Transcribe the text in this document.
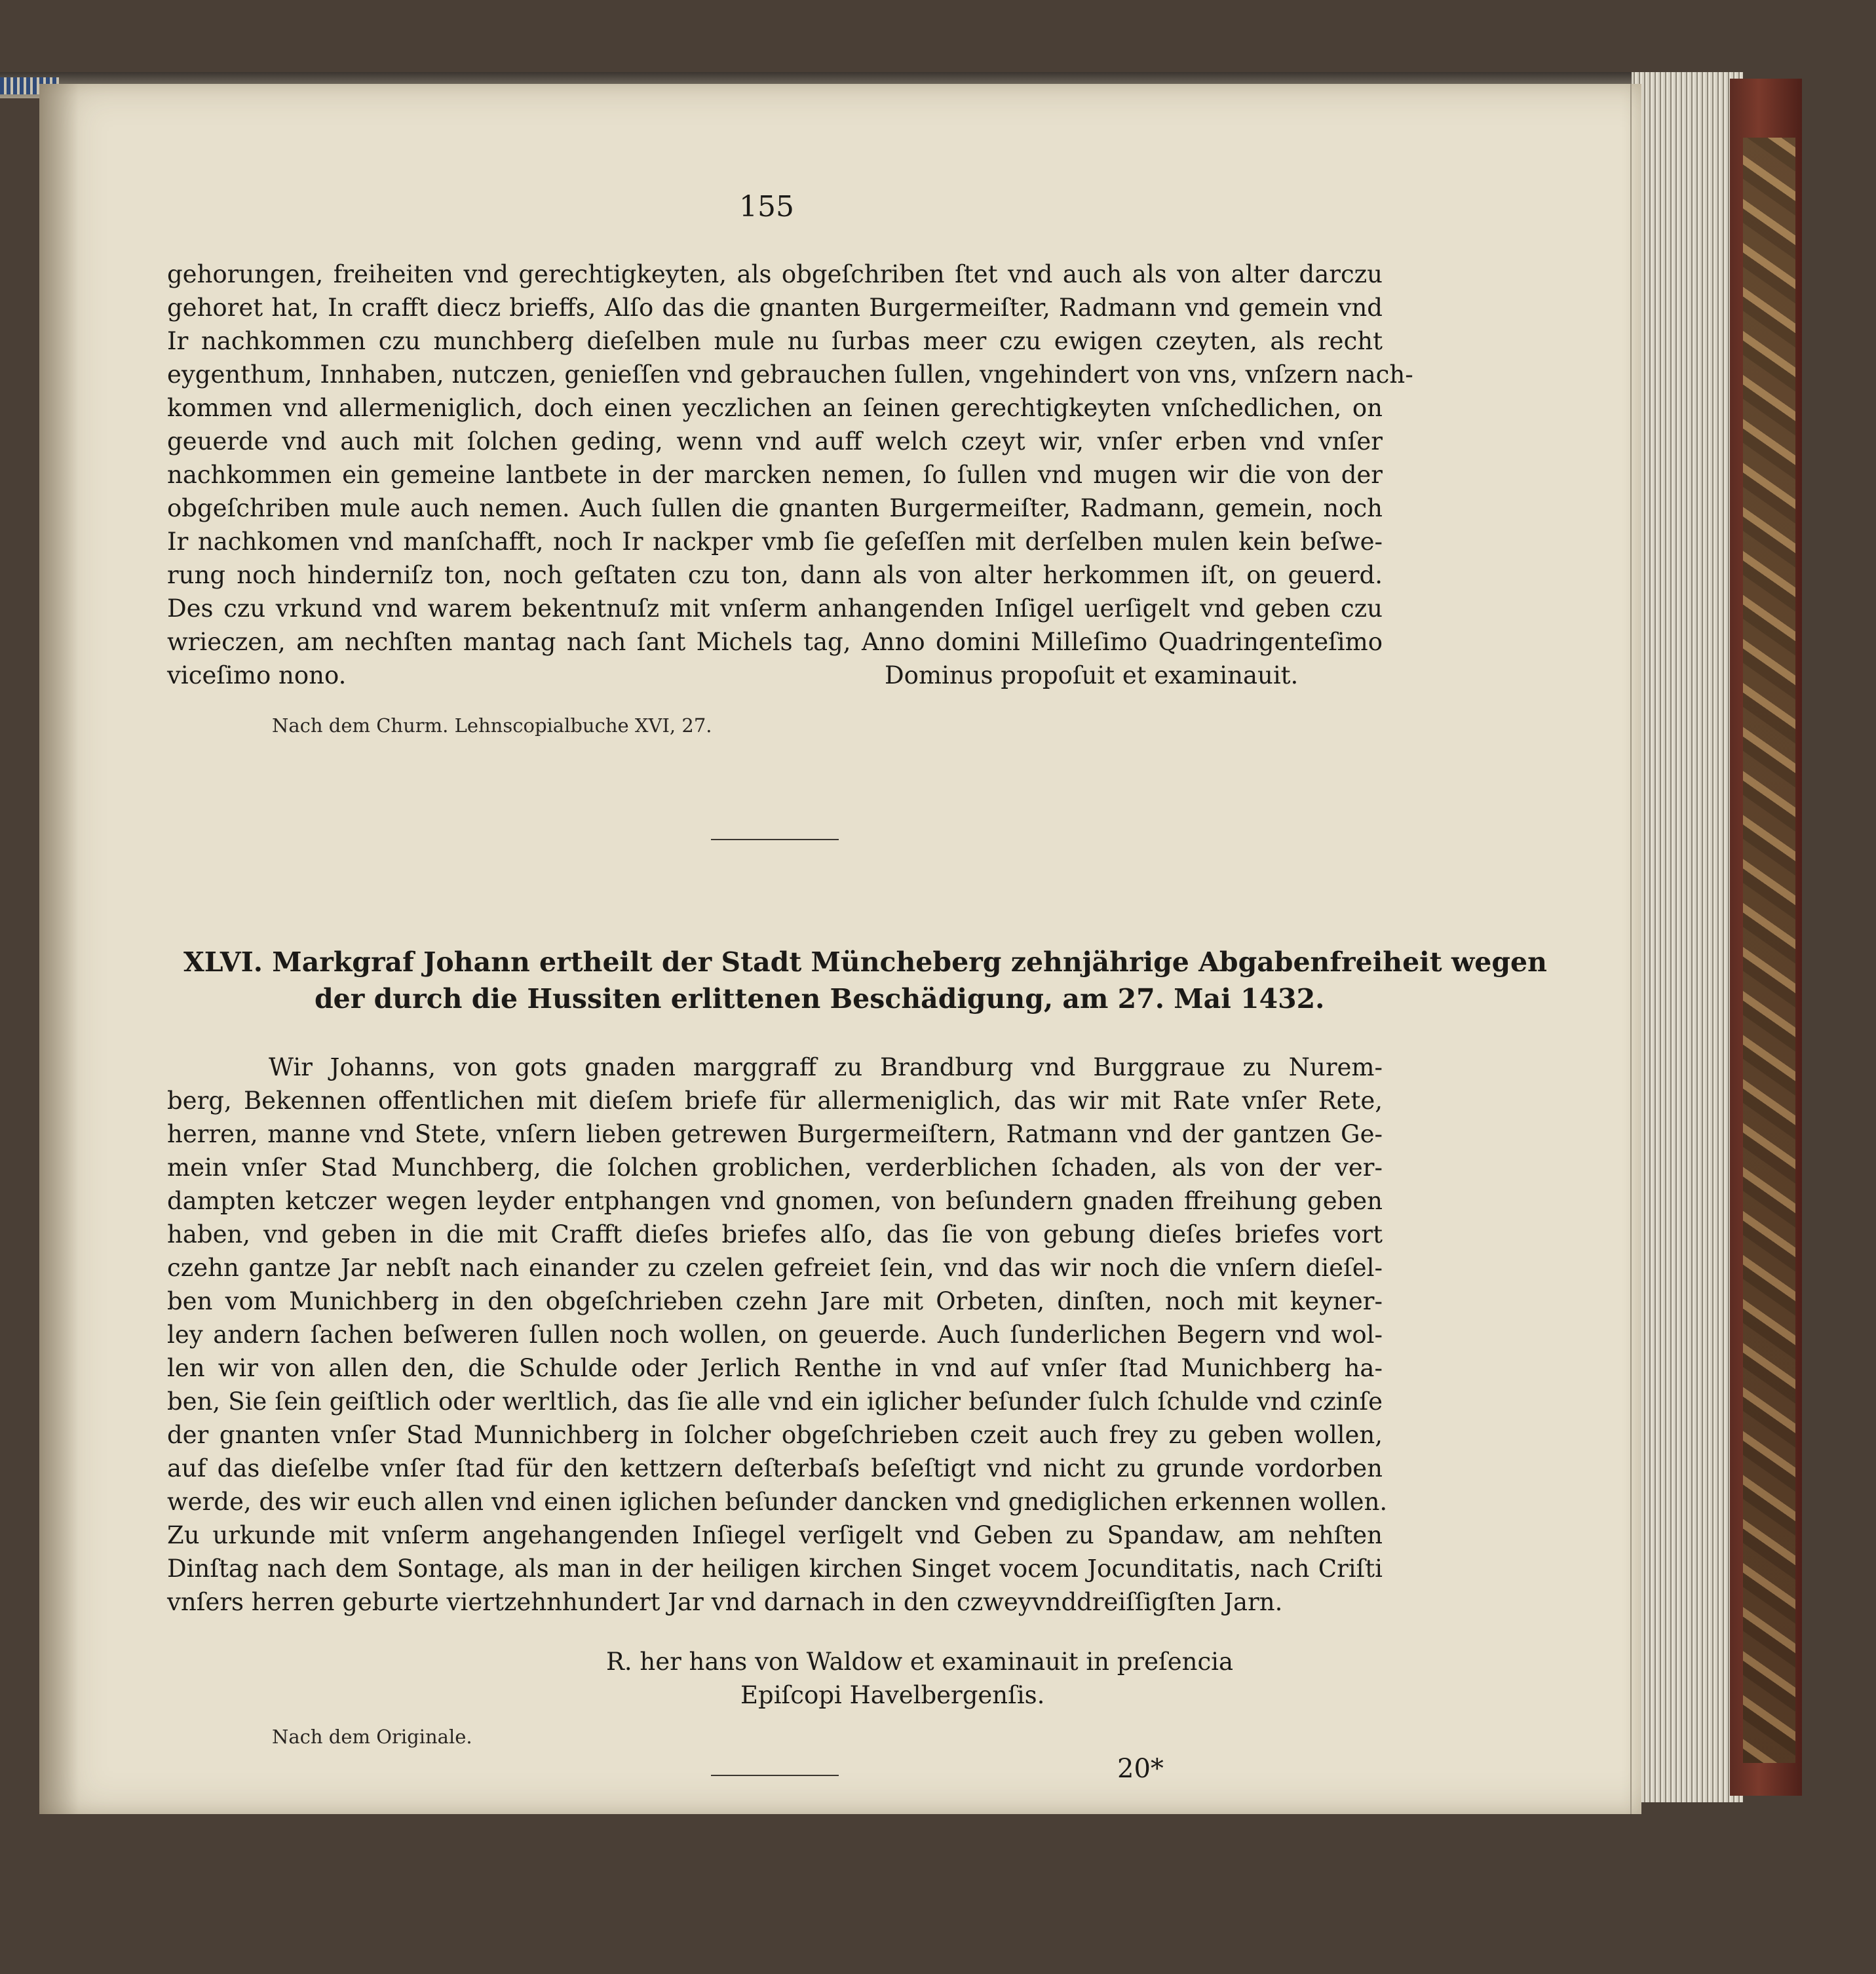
155
gehorungen, freiheiten vnd gerechtigkeyten, als obgeſchriben ſtet vnd auch als von alter darczu
gehoret hat, In crafft diecz brieffs, Alſo das die gnanten Burgermeiſter, Radmann vnd gemein vnd
Ir nachkommen czu munchberg dieſelben mule nu ſurbas meer czu ewigen czeyten, als recht
eygenthum, Innhaben, nutczen, genieſſen vnd gebrauchen ſullen, vngehindert von vns, vnſzern nach-
kommen vnd allermeniglich, doch einen yeczlichen an ſeinen gerechtigkeyten vnſchedlichen, on
geuerde vnd auch mit ſolchen geding, wenn vnd auff welch czeyt wir, vnſer erben vnd vnſer
nachkommen ein gemeine lantbete in der marcken nemen, ſo ſullen vnd mugen wir die von der
obgeſchriben mule auch nemen. Auch ſullen die gnanten Burgermeiſter, Radmann, gemein, noch
Ir nachkomen vnd manſchafft, noch Ir nackper vmb ſie geſeſſen mit derſelben mulen kein beſwe-
rung noch hinderniſz ton, noch geſtaten czu ton, dann als von alter herkommen iſt, on geuerd.
Des czu vrkund vnd warem bekentnuſz mit vnſerm anhangenden Inſigel uerſigelt vnd geben czu
wrieczen, am nechſten mantag nach ſant Michels tag, Anno domini Milleſimo Quadringenteſimo
viceſimo nono.	Dominus propoſuit et examinauit.
Nach dem Churm. Lehnscopialbuche XVI, 27.
XLVI. Markgraf Johann ertheilt der Stadt Müncheberg zehnjährige Abgabenfreiheit wegen
der durch die Hussiten erlittenen Beschädigung, am 27. Mai 1432.
Wir Johanns, von gots gnaden marggraff zu Brandburg vnd Burggraue zu Nurem-
berg, Bekennen offentlichen mit dieſem briefe für allermeniglich, das wir mit Rate vnſer Rete,
herren, manne vnd Stete, vnſern lieben getrewen Burgermeiſtern, Ratmann vnd der gantzen Ge-
mein vnſer Stad Munchberg, die ſolchen groblichen, verderblichen ſchaden, als von der ver-
dampten ketczer wegen leyder entphangen vnd gnomen, von beſundern gnaden ffreihung geben
haben, vnd geben in die mit Crafft dieſes briefes alſo, das ſie von gebung dieſes briefes vort
czehn gantze Jar nebſt nach einander zu czelen gefreiet ſein, vnd das wir noch die vnſern dieſel-
ben vom Munichberg in den obgeſchrieben czehn Jare mit Orbeten, dinſten, noch mit keyner-
ley andern ſachen beſweren ſullen noch wollen, on geuerde. Auch ſunderlichen Begern vnd wol-
len wir von allen den, die Schulde oder Jerlich Renthe in vnd auf vnſer ſtad Munichberg ha-
ben, Sie ſein geiſtlich oder werltlich, das ſie alle vnd ein iglicher beſunder ſulch ſchulde vnd czinſe
der gnanten vnſer Stad Munnichberg in ſolcher obgeſchrieben czeit auch frey zu geben wollen,
auf das dieſelbe vnſer ſtad für den kettzern deſterbaſs beſeſtigt vnd nicht zu grunde vordorben
werde, des wir euch allen vnd einen iglichen beſunder dancken vnd gnediglichen erkennen wollen.
Zu urkunde mit vnſerm angehangenden Inſiegel verſigelt vnd Geben zu Spandaw, am nehſten
Dinſtag nach dem Sontage, als man in der heiligen kirchen Singet vocem Jocunditatis, nach Criſti
vnſers herren geburte viertzehnhundert Jar vnd darnach in den czweyvnddreiſſigſten Jarn.
R. her hans von Waldow et examinauit in preſencia
Epiſcopi Havelbergenſis.
Nach dem Originale.
20*
